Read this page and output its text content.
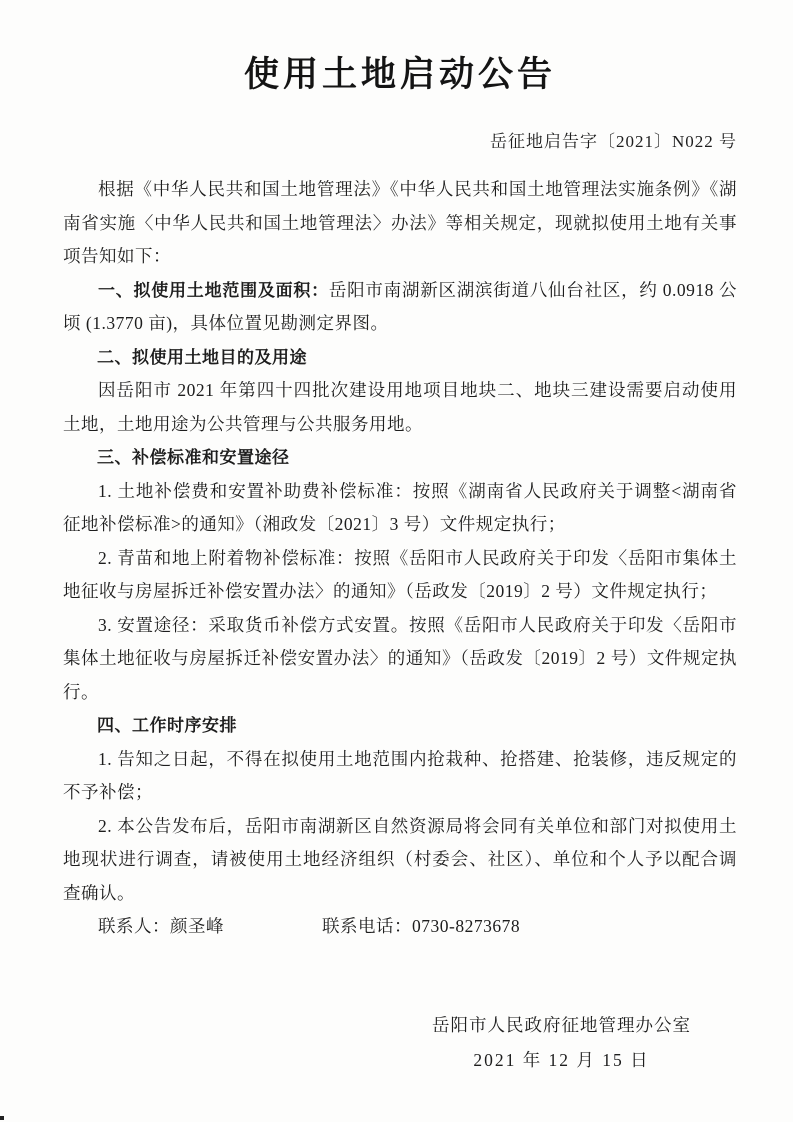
使用土地启动公告
岳征地启告字〔2021〕N022 号

根据《中华人民共和国土地管理法》《中华人民共和国土地管理法实施条例》《湖南省实施〈中华人民共和国土地管理法〉办法》等相关规定，现就拟使用土地有关事项告知如下：

一、拟使用土地范围及面积：岳阳市南湖新区湖滨街道八仙台社区，约 0.0918 公顷 (1.3770 亩)，具体位置见勘测定界图。

二、拟使用土地目的及用途

因岳阳市 2021 年第四十四批次建设用地项目地块二、地块三建设需要启动使用土地，土地用途为公共管理与公共服务用地。

三、补偿标准和安置途径

1. 土地补偿费和安置补助费补偿标准：按照《湖南省人民政府关于调整<湖南省征地补偿标准>的通知》（湘政发〔2021〕3 号）文件规定执行；

2. 青苗和地上附着物补偿标准：按照《岳阳市人民政府关于印发〈岳阳市集体土地征收与房屋拆迁补偿安置办法〉的通知》（岳政发〔2019〕2 号）文件规定执行；

3. 安置途径：采取货币补偿方式安置。按照《岳阳市人民政府关于印发〈岳阳市集体土地征收与房屋拆迁补偿安置办法〉的通知》（岳政发〔2019〕2 号）文件规定执行。

四、工作时序安排

1. 告知之日起，不得在拟使用土地范围内抢栽种、抢搭建、抢装修，违反规定的不予补偿；

2. 本公告发布后，岳阳市南湖新区自然资源局将会同有关单位和部门对拟使用土地现状进行调查，请被使用土地经济组织（村委会、社区）、单位和个人予以配合调查确认。

联系人：颜圣峰	联系电话：0730-8273678

岳阳市人民政府征地管理办公室
2021 年 12 月 15 日
